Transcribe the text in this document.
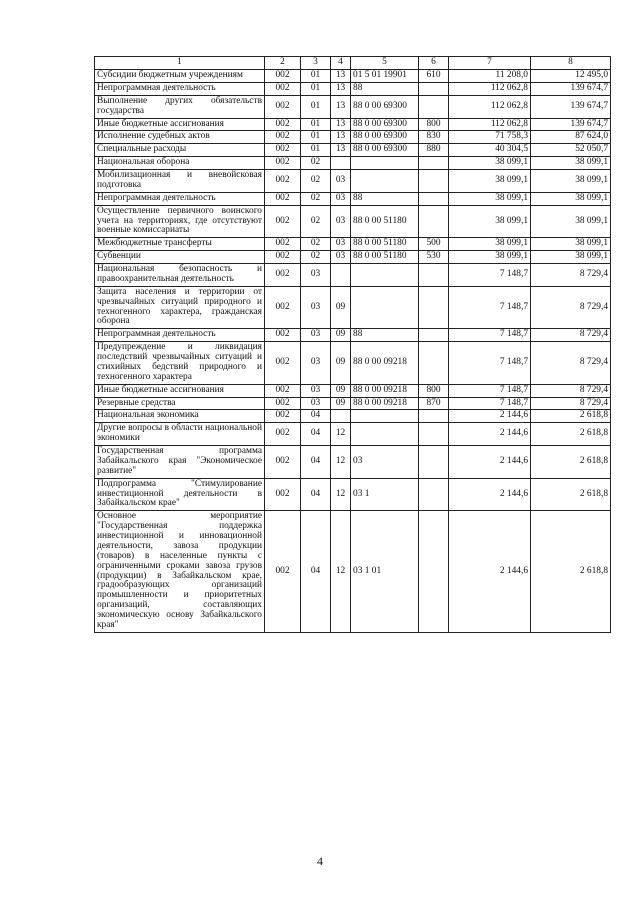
1	2	3	4	5	6	7	8
Субсидии бюджетным учреждениям	002	01	13	01 5 01 19901	610	11 208,0	12 495,0
Непрограммная деятельность	002	01	13	88		112 062,8	139 674,7
Выполнение других обязательств государства	002	01	13	88 0 00 69300		112 062,8	139 674,7
Иные бюджетные ассигнования	002	01	13	88 0 00 69300	800	112 062,8	139 674,7
Исполнение судебных актов	002	01	13	88 0 00 69300	830	71 758,3	87 624,0
Специальные расходы	002	01	13	88 0 00 69300	880	40 304,5	52 050,7
Национальная оборона	002	02				38 099,1	38 099,1
Мобилизационная и вневойсковая подготовка	002	02	03			38 099,1	38 099,1
Непрограммная деятельность	002	02	03	88		38 099,1	38 099,1
Осуществление первичного воинского учета на территориях, где отсутствуют военные комиссариаты	002	02	03	88 0 00 51180		38 099,1	38 099,1
Межбюджетные трансферты	002	02	03	88 0 00 51180	500	38 099,1	38 099,1
Субвенции	002	02	03	88 0 00 51180	530	38 099,1	38 099,1
Национальная безопасность и правоохранительная деятельность	002	03				7 148,7	8 729,4
Защита населения и территории от чрезвычайных ситуаций природного и техногенного характера, гражданская оборона	002	03	09			7 148,7	8 729,4
Непрограммная деятельность	002	03	09	88		7 148,7	8 729,4
Предупреждение и ликвидация последствий чрезвычайных ситуаций и стихийных бедствий природного и техногенного характера	002	03	09	88 0 00 09218		7 148,7	8 729,4
Иные бюджетные ассигнования	002	03	09	88 0 00 09218	800	7 148,7	8 729,4
Резервные средства	002	03	09	88 0 00 09218	870	7 148,7	8 729,4
Национальная экономика	002	04				2 144,6	2 618,8
Другие вопросы в области национальной экономики	002	04	12			2 144,6	2 618,8
Государственная программа Забайкальского края "Экономическое развитие"	002	04	12	03		2 144,6	2 618,8
Подпрограмма "Стимулирование инвестиционной деятельности в Забайкальском крае"	002	04	12	03 1		2 144,6	2 618,8
Основное мероприятие "Государственная поддержка инвестиционной и инновационной деятельности, завоза продукции (товаров) в населенные пункты с ограниченными сроками завоза грузов (продукции) в Забайкальском крае, градообразующих организаций промышленности и приоритетных организаций, составляющих экономическую основу Забайкальского края"	002	04	12	03 1 01		2 144,6	2 618,8
4
